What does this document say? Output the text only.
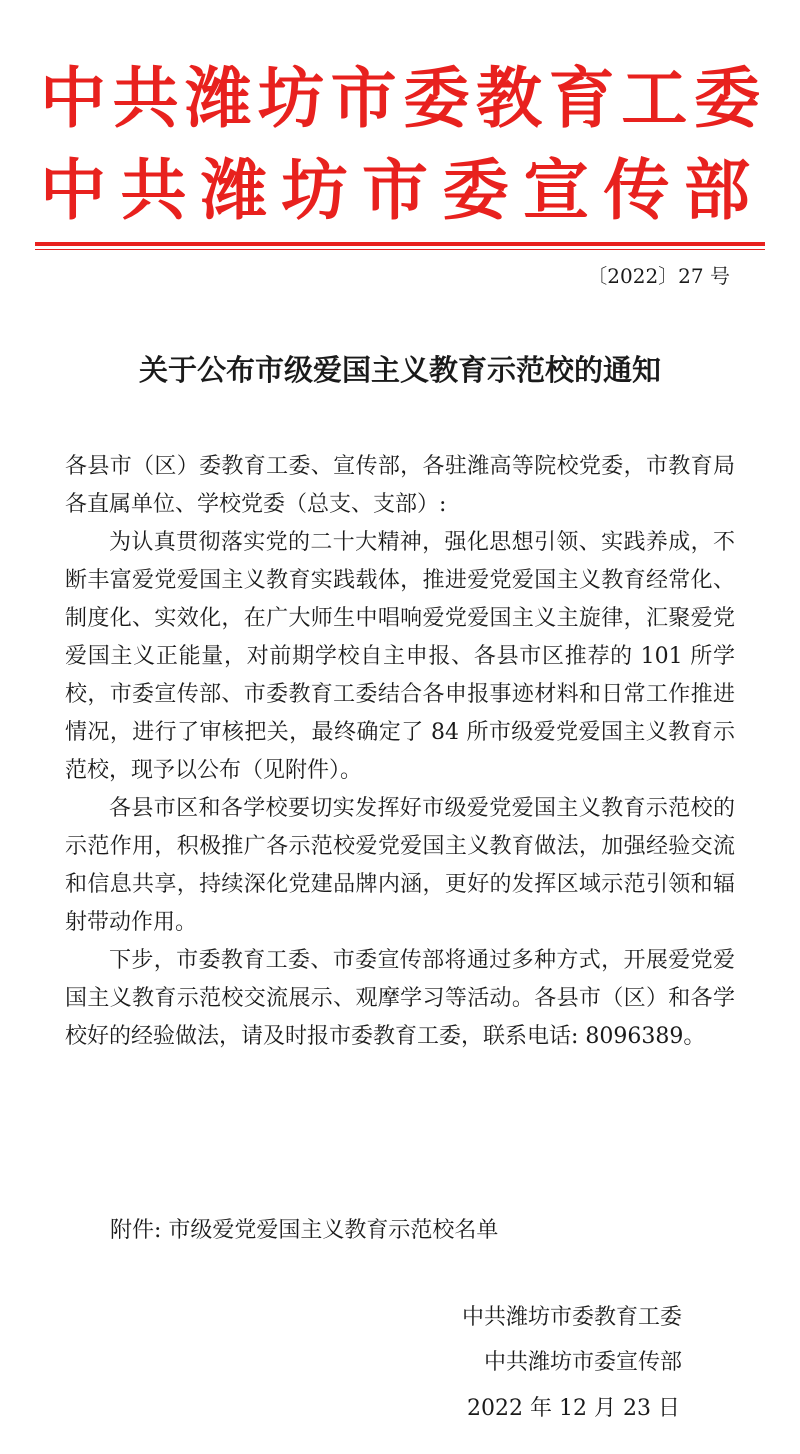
中共潍坊市委教育工委
中共潍坊市委宣传部
〔2022〕27 号
关于公布市级爱国主义教育示范校的通知

各县市（区）委教育工委、宣传部，各驻潍高等院校党委，市教育局各直属单位、学校党委（总支、支部）:

为认真贯彻落实党的二十大精神，强化思想引领、实践养成，不断丰富爱党爱国主义教育实践载体，推进爱党爱国主义教育经常化、制度化、实效化，在广大师生中唱响爱党爱国主义主旋律，汇聚爱党爱国主义正能量，对前期学校自主申报、各县市区推荐的 101 所学校，市委宣传部、市委教育工委结合各申报事迹材料和日常工作推进情况，进行了审核把关，最终确定了 84 所市级爱党爱国主义教育示范校，现予以公布（见附件）。

各县市区和各学校要切实发挥好市级爱党爱国主义教育示范校的示范作用，积极推广各示范校爱党爱国主义教育做法，加强经验交流和信息共享，持续深化党建品牌内涵，更好的发挥区域示范引领和辐射带动作用。

下步，市委教育工委、市委宣传部将通过多种方式，开展爱党爱国主义教育示范校交流展示、观摩学习等活动。各县市（区）和各学校好的经验做法，请及时报市委教育工委，联系电话: 8096389。

附件: 市级爱党爱国主义教育示范校名单
中共潍坊市委教育工委
中共潍坊市委宣传部
2022 年 12 月 23 日
